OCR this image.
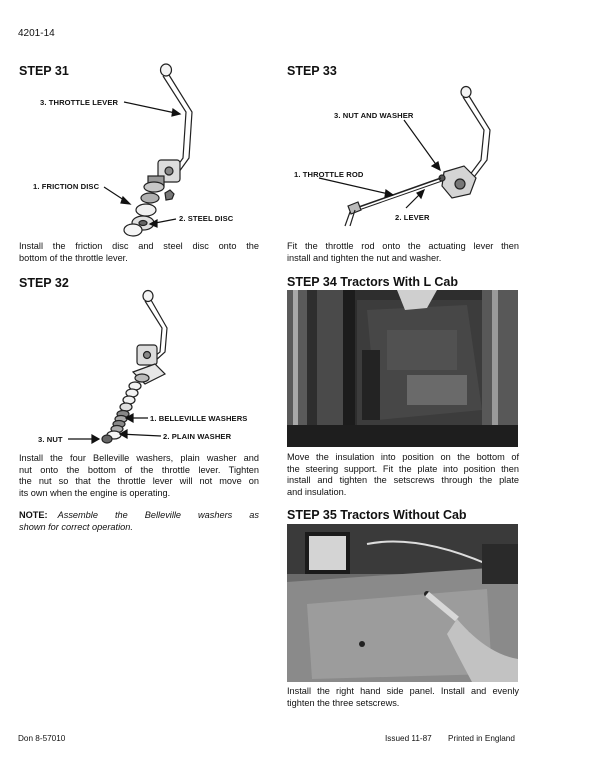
4201-14
STEP 31
3. THROTTLE LEVER
1. FRICTION DISC
2. STEEL DISC
Install the friction disc and steel disc onto the
bottom of the throttle lever.
STEP 32
1. BELLEVILLE WASHERS
2. PLAIN WASHER
3. NUT
Install the four Belleville washers, plain washer and
nut onto the bottom of the throttle lever. Tighten
the nut so that the throttle lever will not move on
its own when the engine is operating.
NOTE: Assemble the Belleville washers as
shown for correct operation.
STEP 33
3. NUT AND WASHER
1. THROTTLE ROD
2. LEVER
Fit the throttle rod onto the actuating lever then
install and tighten the nut and washer.
STEP 34 Tractors With L Cab
Move the insulation into position on the bottom of
the steering support. Fit the plate into position then
install and tighten the setscrews through the plate
and insulation.
STEP 35 Tractors Without Cab
Install the right hand side panel. Install and evenly
tighten the three setscrews.
Don 8-57010	Issued 11-87 Printed in England
